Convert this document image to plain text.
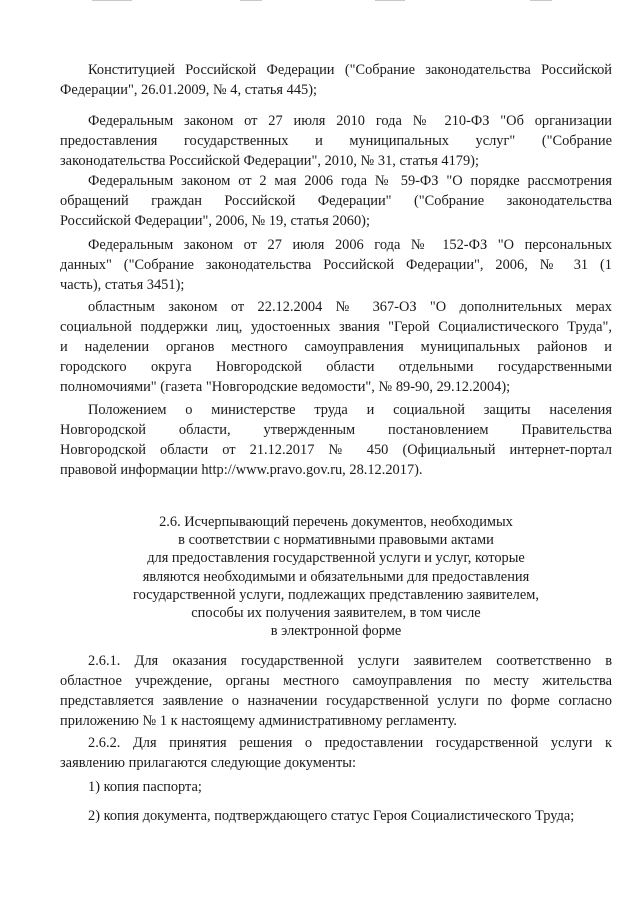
Конституцией Российской Федерации ("Собрание законодательства Российской
Федерации", 26.01.2009, № 4, статья 445);

Федеральным законом от 27 июля 2010 года № 210-ФЗ "Об организации
предоставления государственных и муниципальных услуг" ("Собрание
законодательства Российской Федерации", 2010, № 31, статья 4179);

Федеральным законом от 2 мая 2006 года № 59-ФЗ "О порядке рассмотрения
обращений граждан Российской Федерации" ("Собрание законодательства
Российской Федерации", 2006, № 19, статья 2060);

Федеральным законом от 27 июля 2006 года № 152-ФЗ "О персональных
данных" ("Собрание законодательства Российской Федерации", 2006, № 31 (1
часть), статья 3451);

областным законом от 22.12.2004 № 367-ОЗ "О дополнительных мерах
социальной поддержки лиц, удостоенных звания "Герой Социалистического Труда",
и наделении органов местного самоуправления муниципальных районов и
городского округа Новгородской области отдельными государственными
полномочиями" (газета "Новгородские ведомости", № 89-90, 29.12.2004);

Положением о министерстве труда и социальной защиты населения
Новгородской области, утвержденным постановлением Правительства
Новгородской области от 21.12.2017 № 450 (Официальный интернет-портал
правовой информации http://www.pravo.gov.ru, 28.12.2017).

2.6. Исчерпывающий перечень документов, необходимых
в соответствии с нормативными правовыми актами
для предоставления государственной услуги и услуг, которые
являются необходимыми и обязательными для предоставления
государственной услуги, подлежащих представлению заявителем,
способы их получения заявителем, в том числе
в электронной форме

2.6.1. Для оказания государственной услуги заявителем соответственно в
областное учреждение, органы местного самоуправления по месту жительства
представляется заявление о назначении государственной услуги по форме согласно
приложению № 1 к настоящему административному регламенту.

2.6.2. Для принятия решения о предоставлении государственной услуги к
заявлению прилагаются следующие документы:

1) копия паспорта;

2) копия документа, подтверждающего статус Героя Социалистического Труда;
